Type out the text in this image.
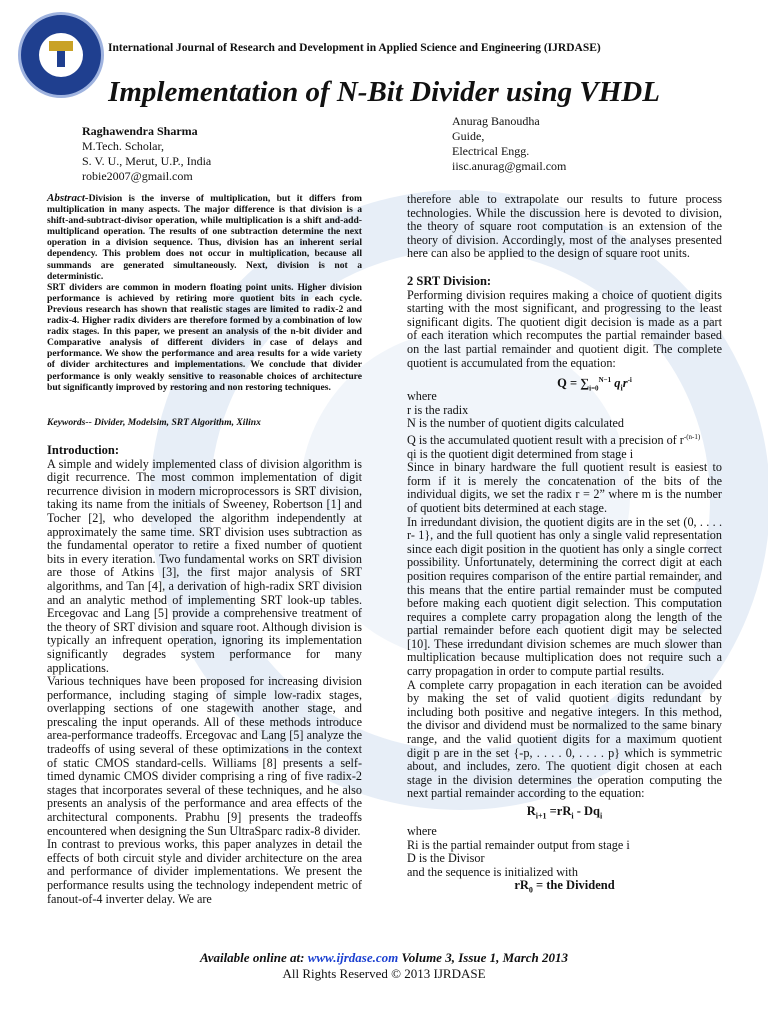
International Journal of Research and Development in Applied Science and Engineering (IJRDASE)
Implementation of N-Bit Divider using VHDL
Raghawendra Sharma
M.Tech. Scholar,
S. V. U., Merut, U.P., India
robie2007@gmail.com
Anurag Banoudha
Guide,
Electrical Engg.
iisc.anurag@gmail.com

Abstract-Division is the inverse of multiplication, but it differs from multiplication in many aspects. The major difference is that division is a shift-and-subtract-divisor operation, while multiplication is a shift and-add-multiplicand operation. The results of one subtraction determine the next operation in a division sequence. Thus, division has an inherent serial dependency. This problem does not occur in multiplication, because all summands are generated simultaneously. Next, division is not a deterministic.

SRT dividers are common in modern floating point units. Higher division performance is achieved by retiring more quotient bits in each cycle. Previous research has shown that realistic stages are limited to radix-2 and radix-4. Higher radix dividers are therefore formed by a combination of low radix stages. In this paper, we present an analysis of the n-bit divider and Comparative analysis of different dividers in case of delays and performance. We show the performance and area results for a wide variety of divider architectures and implementations. We conclude that divider performance is only weakly sensitive to reasonable choices of architecture but significantly improved by restoring and non restoring techniques.

Keywords-- Divider, Modelsim, SRT Algorithm, Xilinx
Introduction:

A simple and widely implemented class of division algorithm is digit recurrence. The most common implementation of digit recurrence division in modern microprocessors is SRT division, taking its name from the initials of Sweeney, Robertson [1] and Tocher [2], who developed the algorithm independently at approximately the same time. SRT division uses subtraction as the fundamental operator to retire a fixed number of quotient bits in every iteration. Two fundamental works on SRT division are those of Atkins [3], the first major analysis of SRT algorithms, and Tan [4], a derivation of high-radix SRT division and an analytic method of implementing SRT look-up tables. Ercegovac and Lang [5] provide a comprehensive treatment of the theory of SRT division and square root. Although division is typically an infrequent operation, ignoring its implementation significantly degrades system performance for many applications.

Various techniques have been proposed for increasing division performance, including staging of simple low-radix stages, overlapping sections of one stagewith another stage, and prescaling the input operands. All of these methods introduce area-performance tradeoffs. Ercegovac and Lang [5] analyze the tradeoffs of using several of these optimizations in the context of static CMOS standard-cells. Williams [8] presents a self-timed dynamic CMOS divider comprising a ring of five radix-2 stages that incorporates several of these techniques, and he also presents an analysis of the performance and area effects of the architectural components. Prabhu [9] presents the tradeoffs encountered when designing the Sun UltraSparc radix-8 divider.

In contrast to previous works, this paper analyzes in detail the effects of both circuit style and divider architecture on the area and performance of divider implementations. We present the performance results using the technology independent metric of fanout-of-4 inverter delay. We are

therefore able to extrapolate our results to future process technologies. While the discussion here is devoted to division, the theory of square root computation is an extension of the theory of division. Accordingly, most of the analyses presented here can also be applied to the design of square root units.

2 SRT Division:

Performing division requires making a choice of quotient digits starting with the most significant, and progressing to the least significant digits. The quotient digit decision is made as a part of each iteration which recomputes the partial remainder based on the last partial remainder and quotient digit. The complete quotient is accumulated from the equation:

$Q = \sum_{i=0}^{N-1}$ $q_ir^{-i}$
where
r is the radix
N is the number of quotient digits calculated
Q is the accumulated quotient result with a precision of $r^{-(n-1)}$
qi is the quotient digit determined from stage i

Since in binary hardware the full quotient result is easiest to form if it is merely the concatenation of the bits of the individual digits, we set the radix r = 2” where m is the number of quotient bits determined at each stage.

In irredundant division, the quotient digits are in the set (0, . . . . r- 1}, and the full quotient has only a single valid representation since each digit position in the quotient has only a single correct possibility. Unfortunately, determining the correct digit at each position requires comparison of the entire partial remainder, and this means that the entire partial remainder must be computed before making each quotient digit selection. This computation requires a complete carry propagation along the length of the partial remainder before each quotient digit may be selected [10]. These irredundant division schemes are much slower than multiplication because multiplication does not require such a carry propagation in order to compute partial results.

A complete carry propagation in each iteration can be avoided by making the set of valid quotient digits redundant by including both positive and negative integers. In this method, the divisor and dividend must be normalized to the same binary range, and the valid quotient digits for a maximum quotient digit p are in the set {-p, . . . . 0, . . . . p} which is symmetric about, and includes, zero. The quotient digit chosen at each stage in the division determines the operation computing the next partial remainder according to the equation:

$R_{i+1} =rR_i - Dq_i$
where
Ri is the partial remainder output from stage i
D is the Divisor
and the sequence is initialized with
$rR_0$ = the Dividend
Available online at: www.ijrdase.com Volume 3, Issue 1, March 2013
All Rights Reserved © 2013 IJRDASE
